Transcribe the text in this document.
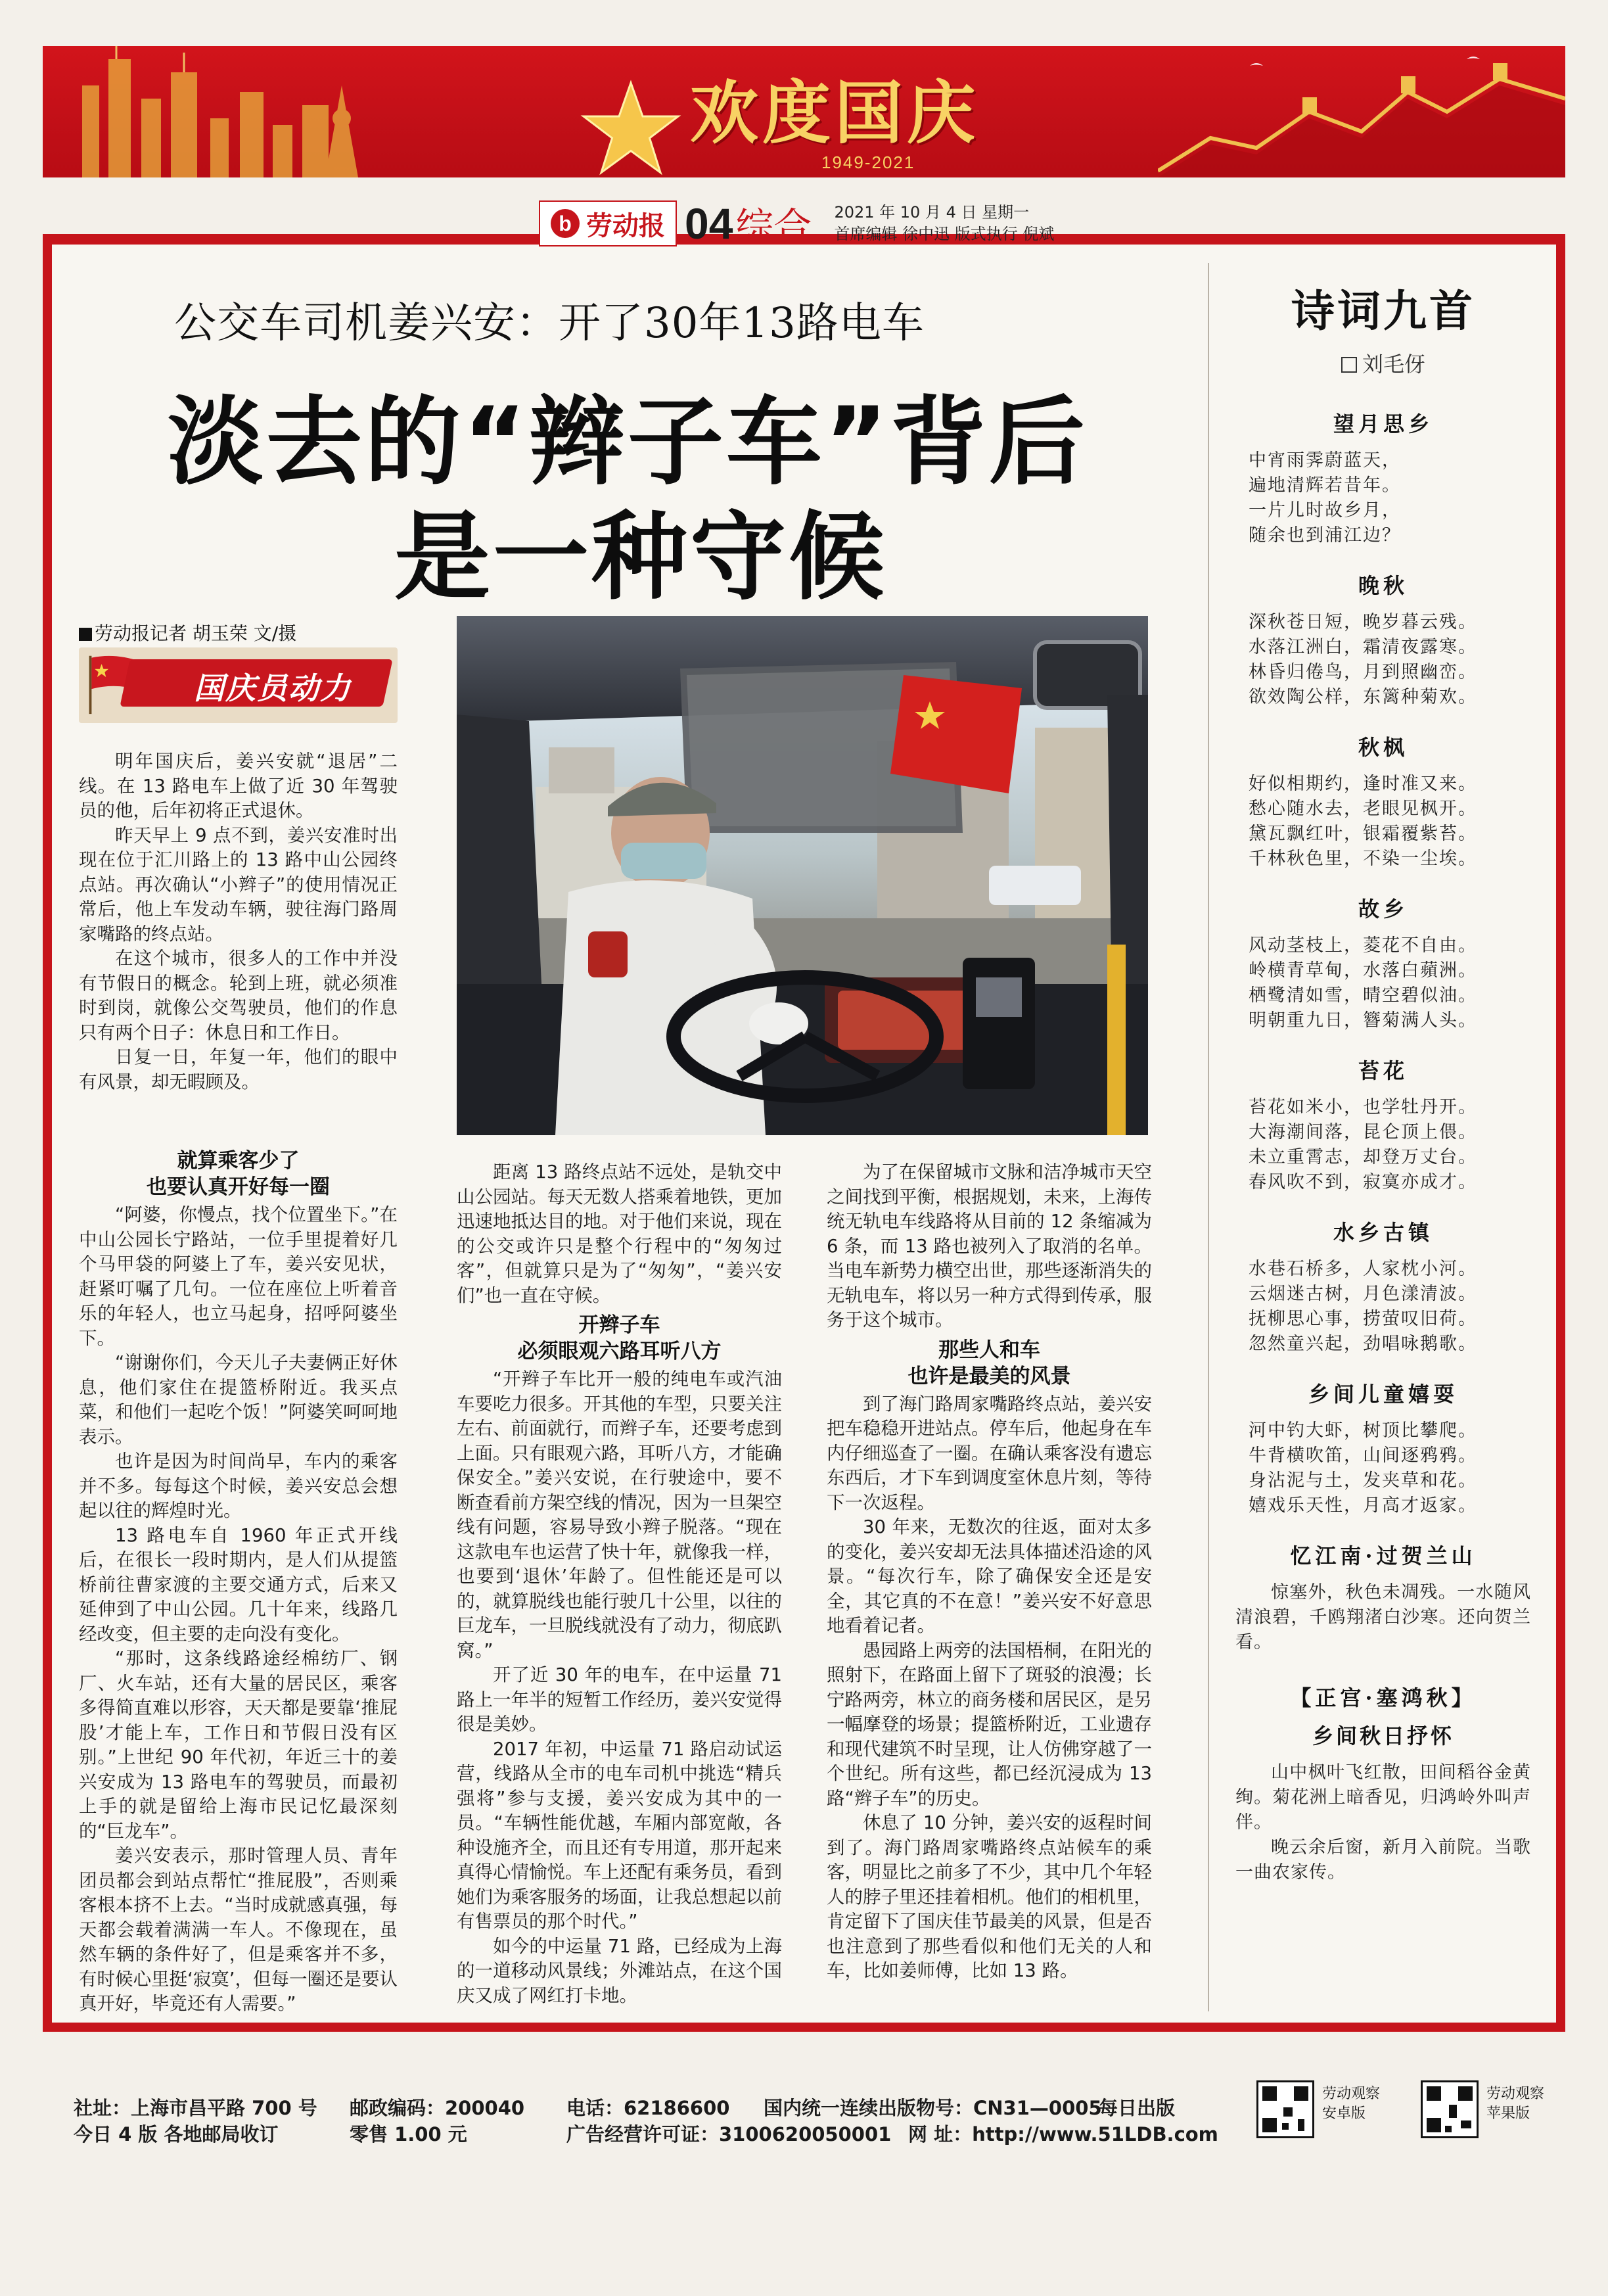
欢度国庆
1949-2021
b 劳动报 04 综合 2021 年 10 月 4 日 星期一
首席编辑 徐中迅 版式执行 倪斌
公交车司机姜兴安：开了30年13路电车
淡去的“辫子车”背后
是一种守候
劳动报记者 胡玉荣 文/摄
国庆员动力

明年国庆后，姜兴安就“退居”二线。在 13 路电车上做了近 30 年驾驶员的他，后年初将正式退休。

昨天早上 9 点不到，姜兴安准时出现在位于汇川路上的 13 路中山公园终点站。再次确认“小辫子”的使用情况正常后，他上车发动车辆，驶往海门路周家嘴路的终点站。

在这个城市，很多人的工作中并没有节假日的概念。轮到上班，就必须准时到岗，就像公交驾驶员，他们的作息只有两个日子：休息日和工作日。

日复一日，年复一年，他们的眼中有风景，却无暇顾及。

就算乘客少了
也要认真开好每一圈

“阿婆，你慢点，找个位置坐下。”在中山公园长宁路站，一位手里提着好几个马甲袋的阿婆上了车，姜兴安见状，赶紧叮嘱了几句。一位在座位上听着音乐的年轻人，也立马起身，招呼阿婆坐下。

“谢谢你们，今天儿子夫妻俩正好休息，他们家住在提篮桥附近。我买点菜，和他们一起吃个饭！”阿婆笑呵呵地表示。

也许是因为时间尚早，车内的乘客并不多。每每这个时候，姜兴安总会想起以往的辉煌时光。

13 路电车自 1960 年正式开线后，在很长一段时期内，是人们从提篮桥前往曹家渡的主要交通方式，后来又延伸到了中山公园。几十年来，线路几经改变，但主要的走向没有变化。

“那时，这条线路途经棉纺厂、钢厂、火车站，还有大量的居民区，乘客多得简直难以形容，天天都是要靠‘推屁股’才能上车，工作日和节假日没有区别。”上世纪 90 年代初，年近三十的姜兴安成为 13 路电车的驾驶员，而最初上手的就是留给上海市民记忆最深刻的“巨龙车”。

姜兴安表示，那时管理人员、青年团员都会到站点帮忙“推屁股”，否则乘客根本挤不上去。“当时成就感真强，每天都会载着满满一车人。不像现在，虽然车辆的条件好了，但是乘客并不多，有时候心里挺‘寂寞’，但每一圈还是要认真开好，毕竟还有人需要。”

距离 13 路终点站不远处，是轨交中山公园站。每天无数人搭乘着地铁，更加迅速地抵达目的地。对于他们来说，现在的公交或许只是整个行程中的“匆匆过客”，但就算只是为了“匆匆”，“姜兴安们”也一直在守候。

开辫子车
必须眼观六路耳听八方

“开辫子车比开一般的纯电车或汽油车要吃力很多。开其他的车型，只要关注左右、前面就行，而辫子车，还要考虑到上面。只有眼观六路，耳听八方，才能确保安全。”姜兴安说，在行驶途中，要不断查看前方架空线的情况，因为一旦架空线有问题，容易导致小辫子脱落。“现在这款电车也运营了快十年，就像我一样，也要到‘退休’年龄了。但性能还是可以的，就算脱线也能行驶几十公里，以往的巨龙车，一旦脱线就没有了动力，彻底趴窝。”

开了近 30 年的电车，在中运量 71 路上一年半的短暂工作经历，姜兴安觉得很是美妙。

2017 年初，中运量 71 路启动试运营，线路从全市的电车司机中挑选“精兵强将”参与支援，姜兴安成为其中的一员。“车辆性能优越，车厢内部宽敞，各种设施齐全，而且还有专用道，那开起来真得心情愉悦。车上还配有乘务员，看到她们为乘客服务的场面，让我总想起以前有售票员的那个时代。”

如今的中运量 71 路，已经成为上海的一道移动风景线；外滩站点，在这个国庆又成了网红打卡地。

为了在保留城市文脉和洁净城市天空之间找到平衡，根据规划，未来，上海传统无轨电车线路将从目前的 12 条缩减为 6 条，而 13 路也被列入了取消的名单。当电车新势力横空出世，那些逐渐消失的无轨电车，将以另一种方式得到传承，服务于这个城市。

那些人和车
也许是最美的风景

到了海门路周家嘴路终点站，姜兴安把车稳稳开进站点。停车后，他起身在车内仔细巡查了一圈。在确认乘客没有遗忘东西后，才下车到调度室休息片刻，等待下一次返程。

30 年来，无数次的往返，面对太多的变化，姜兴安却无法具体描述沿途的风景。“每次行车，除了确保安全还是安全，其它真的不在意！”姜兴安不好意思地看着记者。

愚园路上两旁的法国梧桐，在阳光的照射下，在路面上留下了斑驳的浪漫；长宁路两旁，林立的商务楼和居民区，是另一幅摩登的场景；提篮桥附近，工业遗存和现代建筑不时呈现，让人仿佛穿越了一个世纪。所有这些，都已经沉浸成为 13 路“辫子车”的历史。

休息了 10 分钟，姜兴安的返程时间到了。海门路周家嘴路终点站候车的乘客，明显比之前多了不少，其中几个年轻人的脖子里还挂着相机。他们的相机里，肯定留下了国庆佳节最美的风景，但是否也注意到了那些看似和他们无关的人和车，比如姜师傅，比如 13 路。

诗词九首
刘毛伢
望月思乡
中宵雨霁蔚蓝天，
遍地清辉若昔年。
一片儿时故乡月，
随余也到浦江边？
晚秋
深秋苍日短，晚岁暮云残。
水落江洲白，霜清夜露寒。
林昏归倦鸟，月到照幽峦。
欲效陶公样，东篱种菊欢。
秋枫
好似相期约，逢时准又来。
愁心随水去，老眼见枫开。
黛瓦飘红叶，银霜覆紫苔。
千林秋色里，不染一尘埃。
故乡
风动茎枝上，菱花不自由。
岭横青草甸，水落白蘋洲。
栖鹭清如雪，晴空碧似油。
明朝重九日，簪菊满人头。
苔花
苔花如米小，也学牡丹开。
大海潮间落，昆仑顶上偎。
未立重霄志，却登万丈台。
春风吹不到，寂寞亦成才。
水乡古镇
水巷石桥多，人家枕小河。
云烟迷古树，月色漾清波。
抚柳思心事，捞萤叹旧荷。
忽然童兴起，劲唱咏鹅歌。
乡间儿童嬉耍
河中钓大虾，树顶比攀爬。
牛背横吹笛，山间逐鸦鸦。
身沾泥与土，发夹草和花。
嬉戏乐天性，月高才返家。
忆江南·过贺兰山
惊塞外，秋色未凋残。一水随风清浪碧，千鸥翔渚白沙寒。还向贺兰看。
【正宫·塞鸿秋】
乡间秋日抒怀
山中枫叶飞红散，田间稻谷金黄绚。菊花洲上暗香见，归鸿岭外叫声伴。
晚云余后窗，新月入前院。当歌一曲农家传。
社址：上海市昌平路 700 号 邮政编码：200040 电话：62186600 国内统一连续出版物号：CN31—0005
每日出版
今日 4 版 各地邮局收订	零售 1.00 元	广告经营许可证：3100620050001 网 址：http://www.51LDB.com
劳动观察
安卓版
劳动观察
苹果版
